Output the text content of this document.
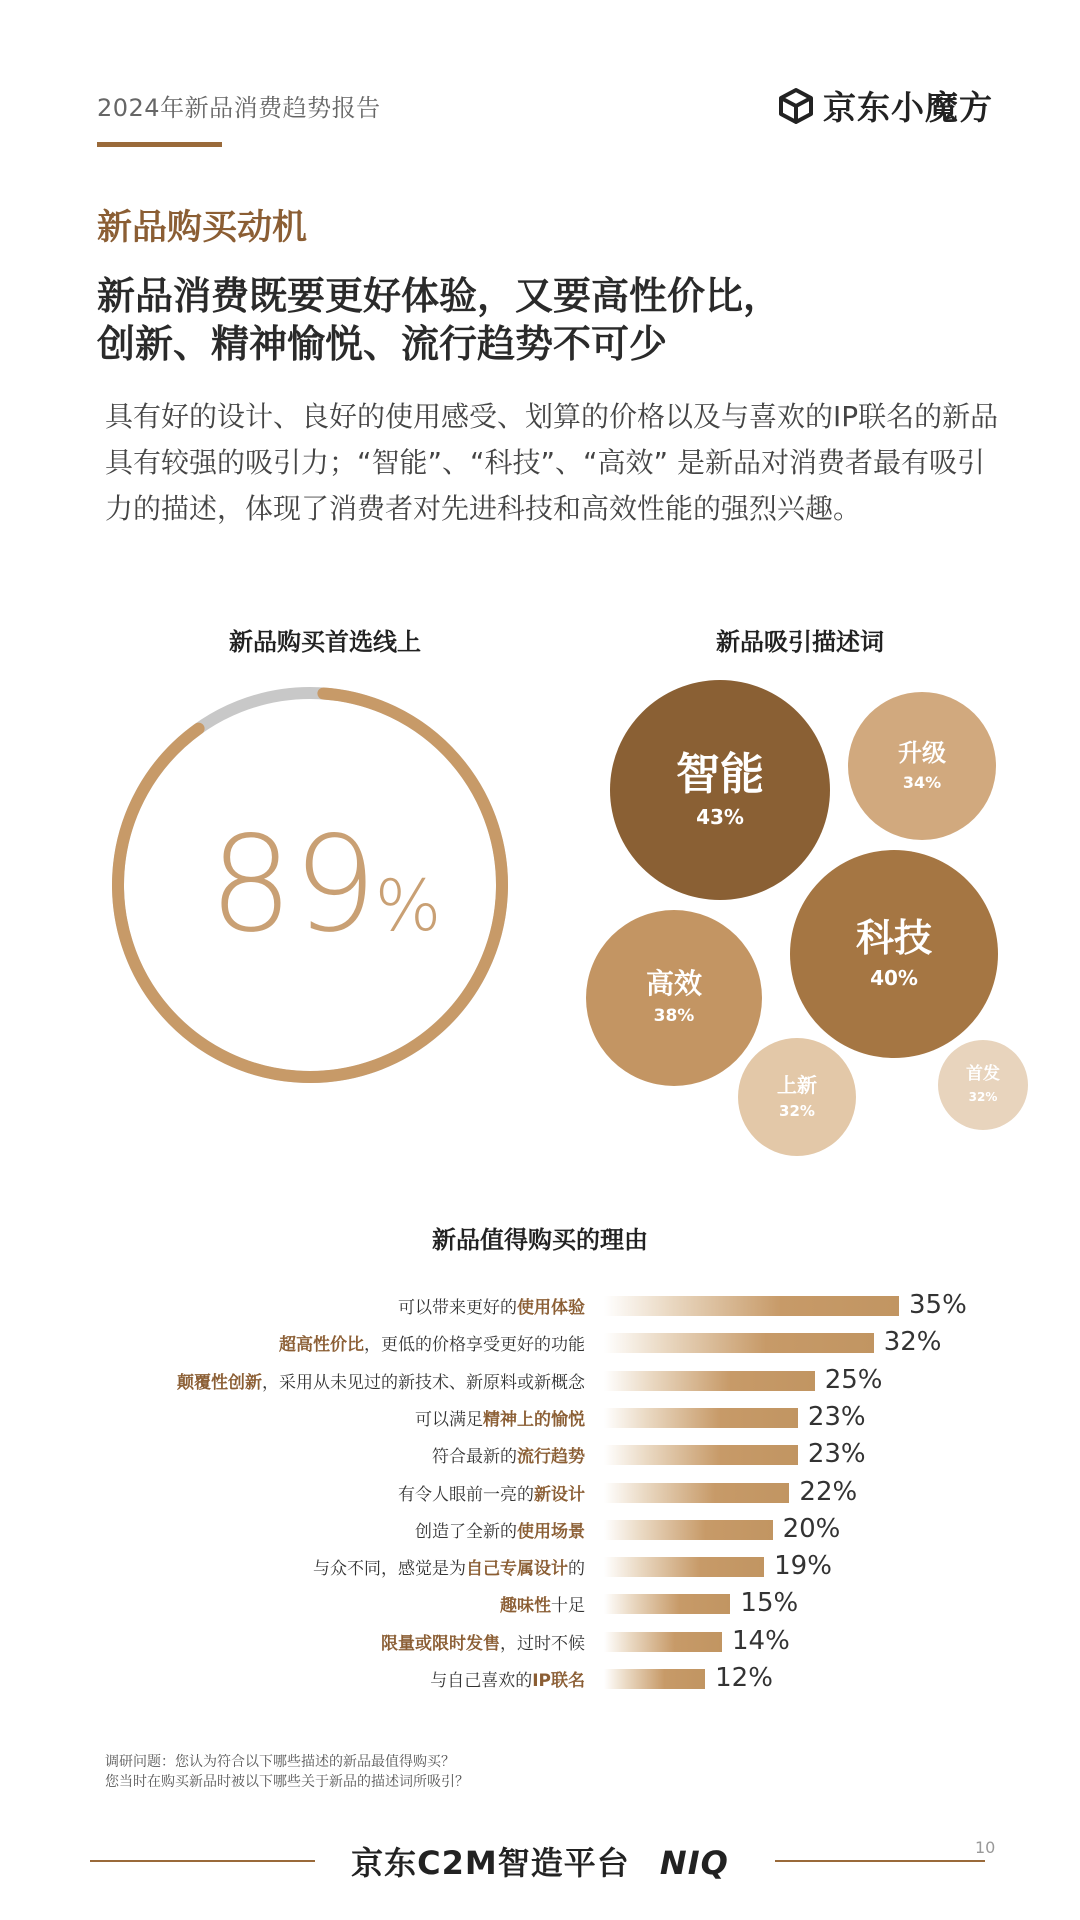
2024年新品消费趋势报告	京东小魔方
新品购买动机
新品消费既要更好体验，又要高性价比，
创新、精神愉悦、流行趋势不可少
具有好的设计、良好的使用感受、划算的价格以及与喜欢的IP联名的新品具有较强的吸引力；“智能”、“科技”、“高效” 是新品对消费者最有吸引力的描述，体现了消费者对先进科技和高效性能的强烈兴趣。
新品购买首选线上
89
%
新品吸引描述词
智能
43%
升级
34%
科技
40%
高效
38%
上新
32%
首发
32%
新品值得购买的理由
可以带来更好的使用体验	35%
超高性价比，更低的价格享受更好的功能	32%
颠覆性创新，采用从未见过的新技术、新原料或新概念	25%
可以满足精神上的愉悦	23%
符合最新的流行趋势	23%
有令人眼前一亮的新设计	22%
创造了全新的使用场景	20%
与众不同，感觉是为自己专属设计的	19%
趣味性十足	15%
限量或限时发售，过时不候	14%
与自己喜欢的IP联名	12%
调研问题：您认为符合以下哪些描述的新品最值得购买？
您当时在购买新品时被以下哪些关于新品的描述词所吸引？
京东C2M智造平台 NIQ	10
